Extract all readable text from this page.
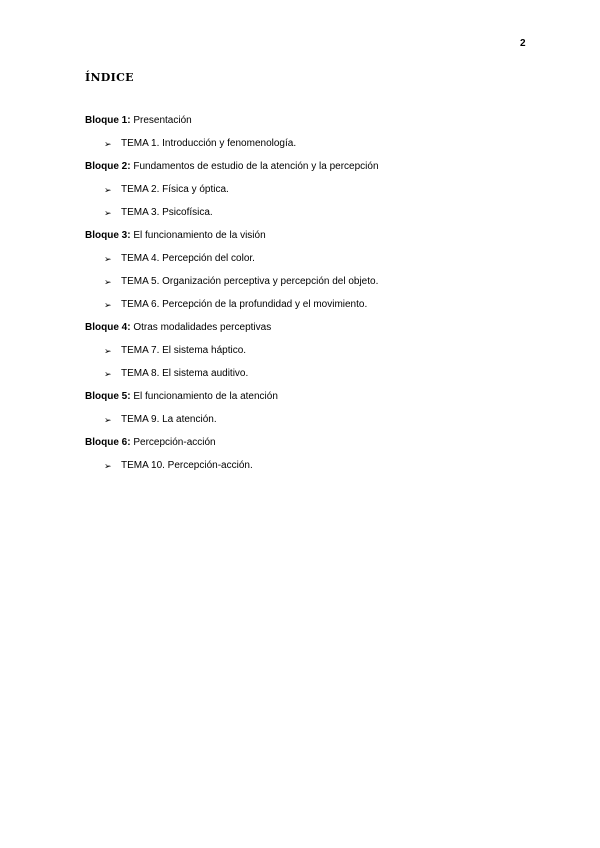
2
ÍNDICE
Bloque 1: Presentación
➢ TEMA 1. Introducción y fenomenología.
Bloque 2: Fundamentos de estudio de la atención y la percepción
➢ TEMA 2. Física y óptica.
➢ TEMA 3. Psicofísica.
Bloque 3: El funcionamiento de la visión
➢ TEMA 4. Percepción del color.
➢ TEMA 5. Organización perceptiva y percepción del objeto.
➢ TEMA 6. Percepción de la profundidad y el movimiento.
Bloque 4: Otras modalidades perceptivas
➢ TEMA 7. El sistema háptico.
➢ TEMA 8. El sistema auditivo.
Bloque 5: El funcionamiento de la atención
➢ TEMA 9. La atención.
Bloque 6: Percepción-acción
➢ TEMA 10. Percepción-acción.
